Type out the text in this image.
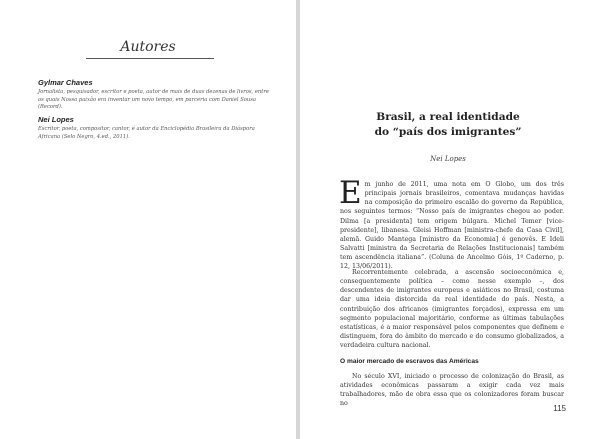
Autores

Gylmar Chaves

Jornalista, pesquisador, escritor e poeta, autor de mais de duas dezenas de livros, entre os quais Nossa paixão era inventar um novo tempo, em parceria com Daniel Sousa (Record).

Nei Lopes

Escritor, poeta, compositor, cantor, é autor da Enciclopédia Brasileira da Diáspora Africana (Selo Negro, 4.ed., 2011).

Brasil, a real identidade
do “país dos imigrantes”
Nei Lopes

Em junho de 2011, uma nota em O Globo, um dos três principais jornais brasileiros, comentava mudanças havidas na composição do primeiro escalão do governo da República, nos seguintes termos: “Nosso país de imigrantes chegou ao poder. Dilma [a presidenta] tem origem búlgara. Michel Temer [vice-presidente], libanesa. Gleisi Hoffman [ministra-chefe da Casa Civil], alemã. Guido Mantega [ministro da Economia] é genovês. E Ideli Salvatti [ministra da Secretaria de Relações Institucionais] também tem ascendência italiana”. (Coluna de Ancelmo Góis, 1º Caderno, p. 12, 13/06/2011).

Recorrentemente celebrada, a ascensão socioeconômica e, consequentemente política – como nesse exemplo –, dos descendentes de imigrantes europeus e asiáticos no Brasil, costuma dar uma ideia distorcida da real identidade do país. Nesta, a contribuição dos africanos (imigrantes forçados), expressa em um segmento populacional majoritário, conforme as últimas tabulações estatísticas, é a maior responsável pelos componentes que definem e distinguem, fora do âmbito do mercado e do consumo globalizados, a verdadeira cultura nacional.

O maior mercado de escravos das Américas

No século XVI, iniciado o processo de colonização do Brasil, as atividades econômicas passaram a exigir cada vez mais trabalhadores, mão de obra essa que os colonizadores foram buscar no

115
